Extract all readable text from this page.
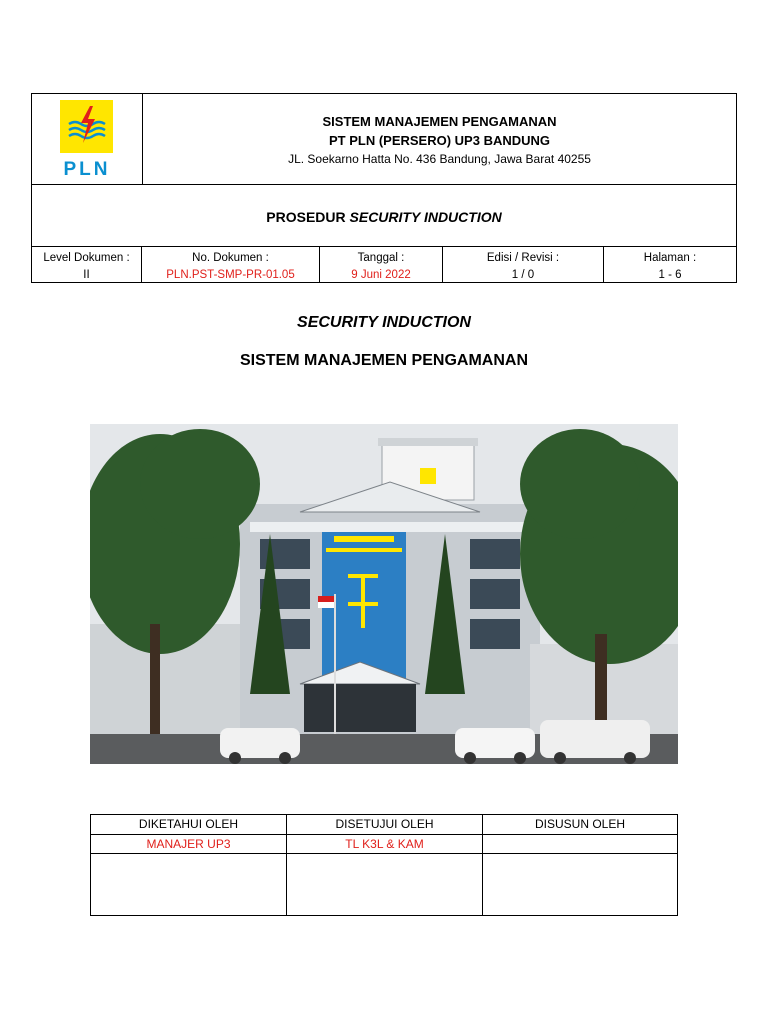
PLN
SISTEM MANAJEMEN PENGAMANAN
PT PLN (PERSERO) UP3 BANDUNG
JL. Soekarno Hatta No. 436 Bandung, Jawa Barat 40255
PROSEDUR SECURITY INDUCTION
Level Dokumen :
II
No. Dokumen :
PLN.PST-SMP-PR-01.05
Tanggal :
9 Juni 2022
Edisi / Revisi :
1 / 0
Halaman :
1 - 6
SECURITY INDUCTION
SISTEM MANAJEMEN PENGAMANAN
DIKETAHUI OLEH
MANAJER UP3
DISETUJUI OLEH
TL K3L & KAM
DISUSUN OLEH
